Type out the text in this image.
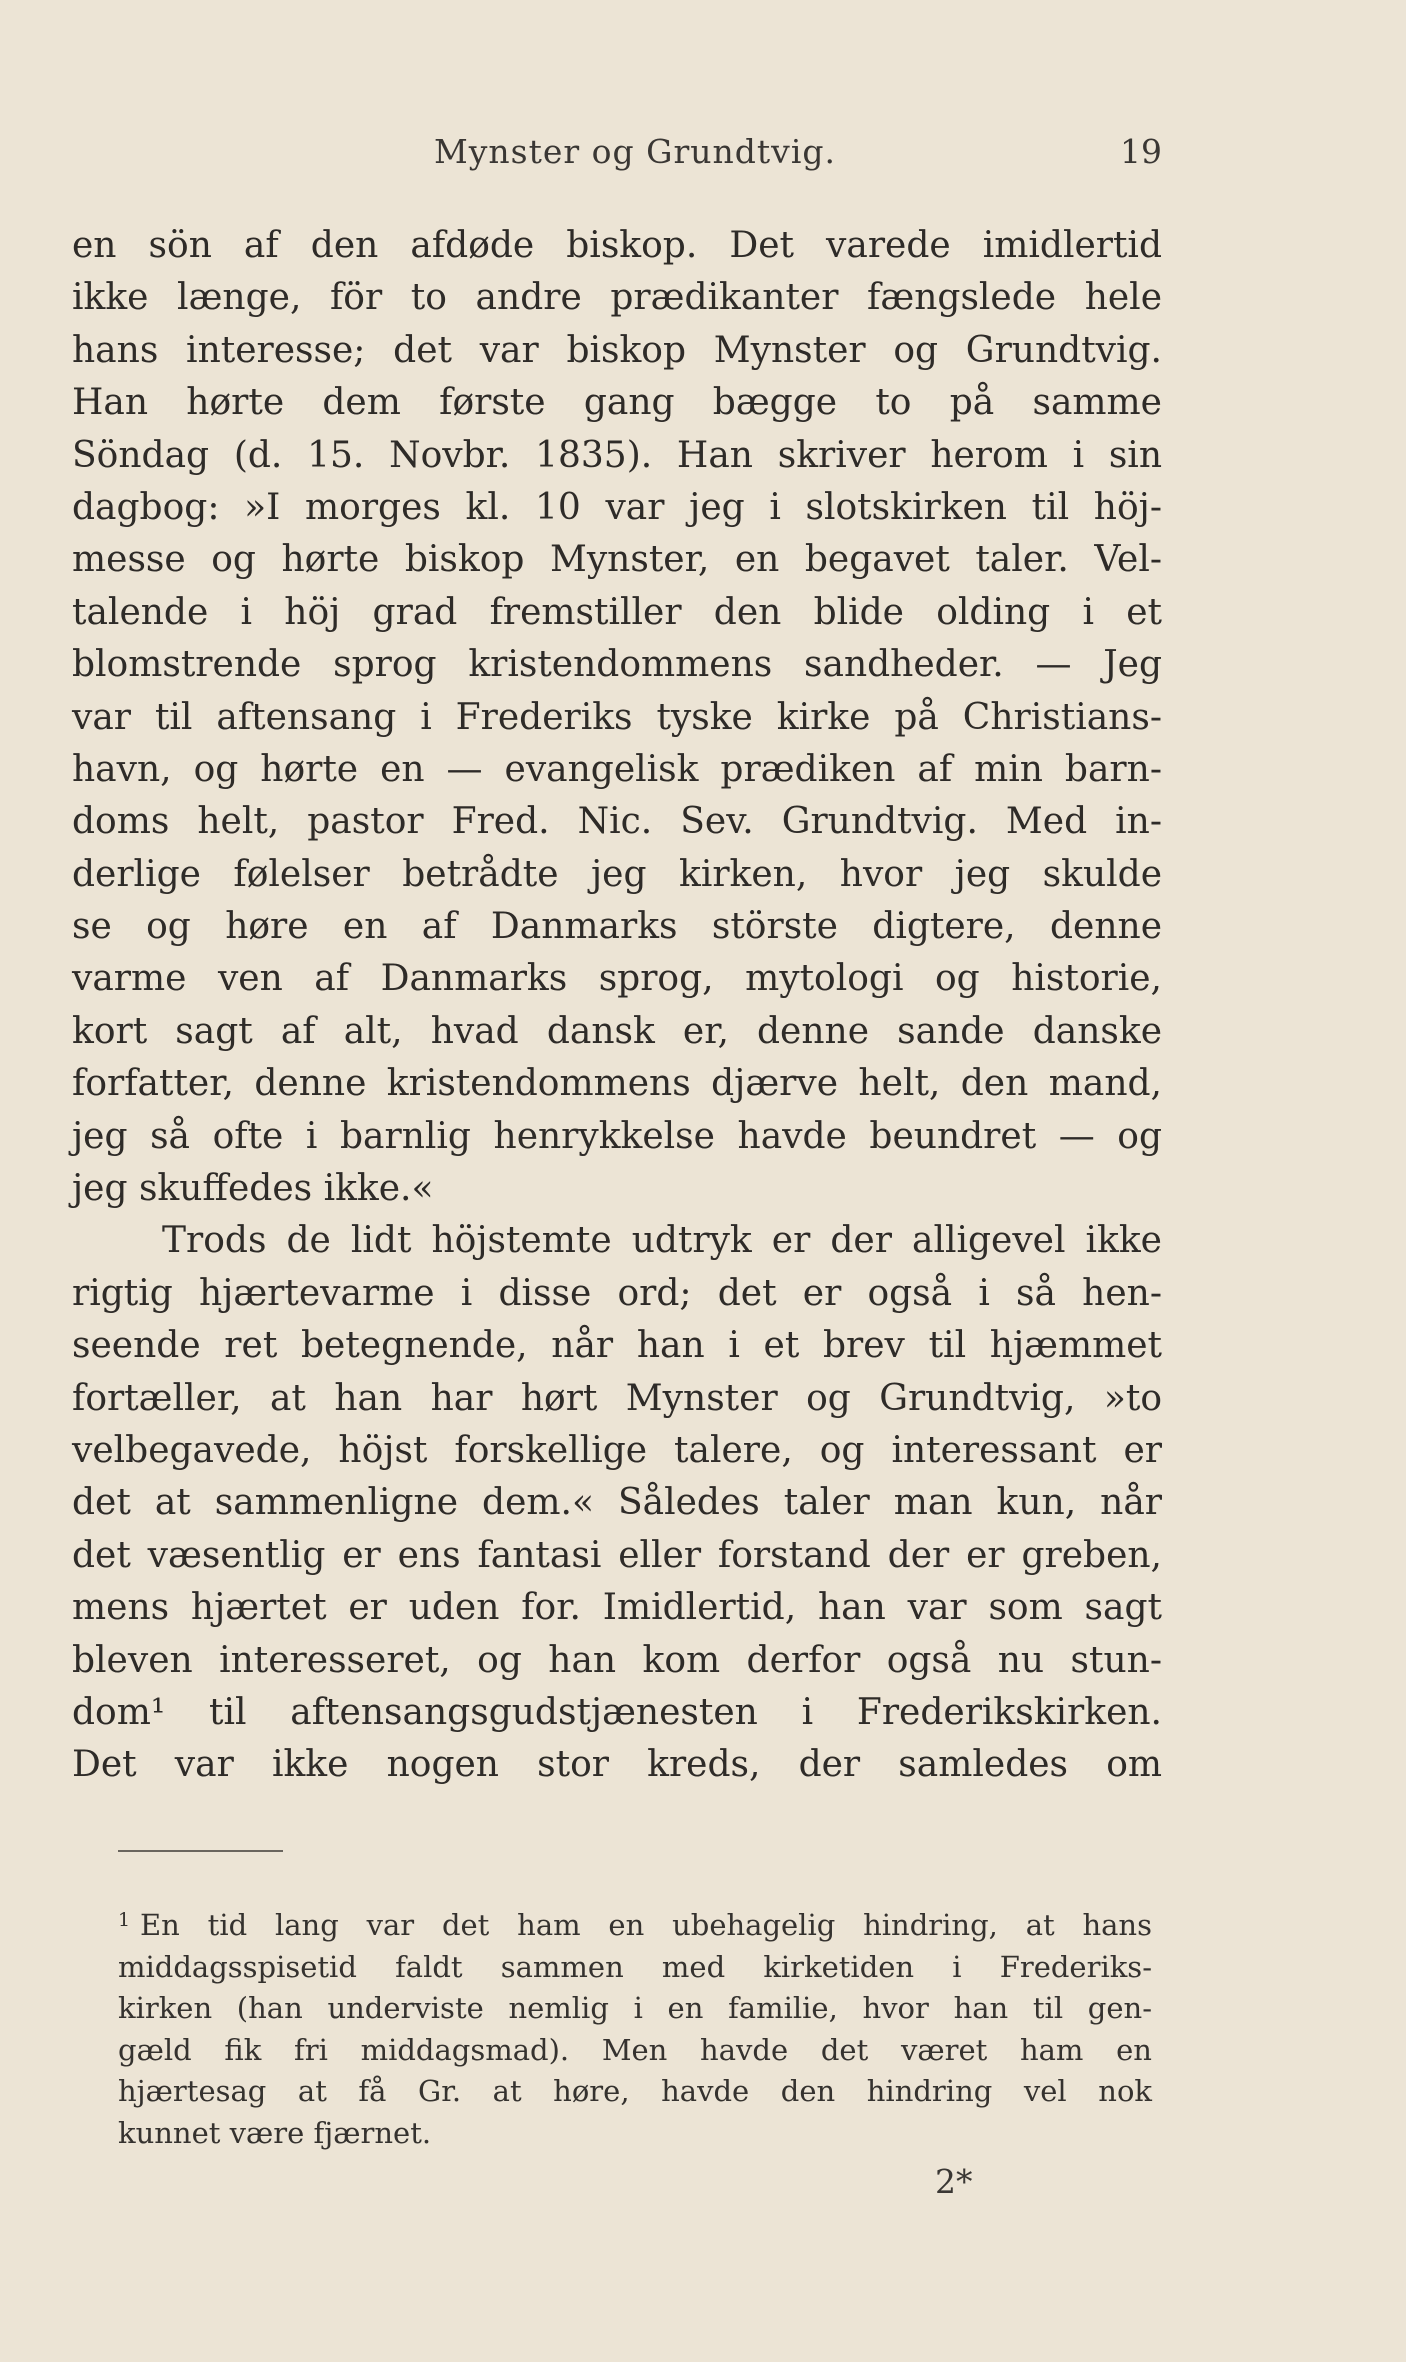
Mynster og Grundtvig.	19
en sön af den afdøde biskop. Det varede imidlertid
ikke længe, för to andre prædikanter fængslede hele
hans interesse; det var biskop Mynster og Grundtvig.
Han hørte dem første gang bægge to på samme
Söndag (d. 15. Novbr. 1835). Han skriver herom i sin
dagbog: »I morges kl. 10 var jeg i slotskirken til höj-
messe og hørte biskop Mynster, en begavet taler. Vel-
talende i höj grad fremstiller den blide olding i et
blomstrende sprog kristendommens sandheder. — Jeg
var til aftensang i Frederiks tyske kirke på Christians-
havn, og hørte en — evangelisk prædiken af min barn-
doms helt, pastor Fred. Nic. Sev. Grundtvig. Med in-
derlige følelser betrådte jeg kirken, hvor jeg skulde
se og høre en af Danmarks störste digtere, denne
varme ven af Danmarks sprog, mytologi og historie,
kort sagt af alt, hvad dansk er, denne sande danske
forfatter, denne kristendommens djærve helt, den mand,
jeg så ofte i barnlig henrykkelse havde beundret — og
jeg skuffedes ikke.«
Trods de lidt höjstemte udtryk er der alligevel ikke
rigtig hjærtevarme i disse ord; det er også i så hen-
seende ret betegnende, når han i et brev til hjæmmet
fortæller, at han har hørt Mynster og Grundtvig, »to
velbegavede, höjst forskellige talere, og interessant er
det at sammenligne dem.« Således taler man kun, når
det væsentlig er ens fantasi eller forstand der er greben,
mens hjærtet er uden for. Imidlertid, han var som sagt
bleven interesseret, og han kom derfor også nu stun-
dom¹ til aftensangsgudstjænesten i Frederikskirken.
Det var ikke nogen stor kreds, der samledes om
1 En tid lang var det ham en ubehagelig hindring, at hans
middagsspisetid faldt sammen med kirketiden i Frederiks-
kirken (han underviste nemlig i en familie, hvor han til gen-
gæld fik fri middagsmad). Men havde det været ham en
hjærtesag at få Gr. at høre, havde den hindring vel nok
kunnet være fjærnet.
2*
